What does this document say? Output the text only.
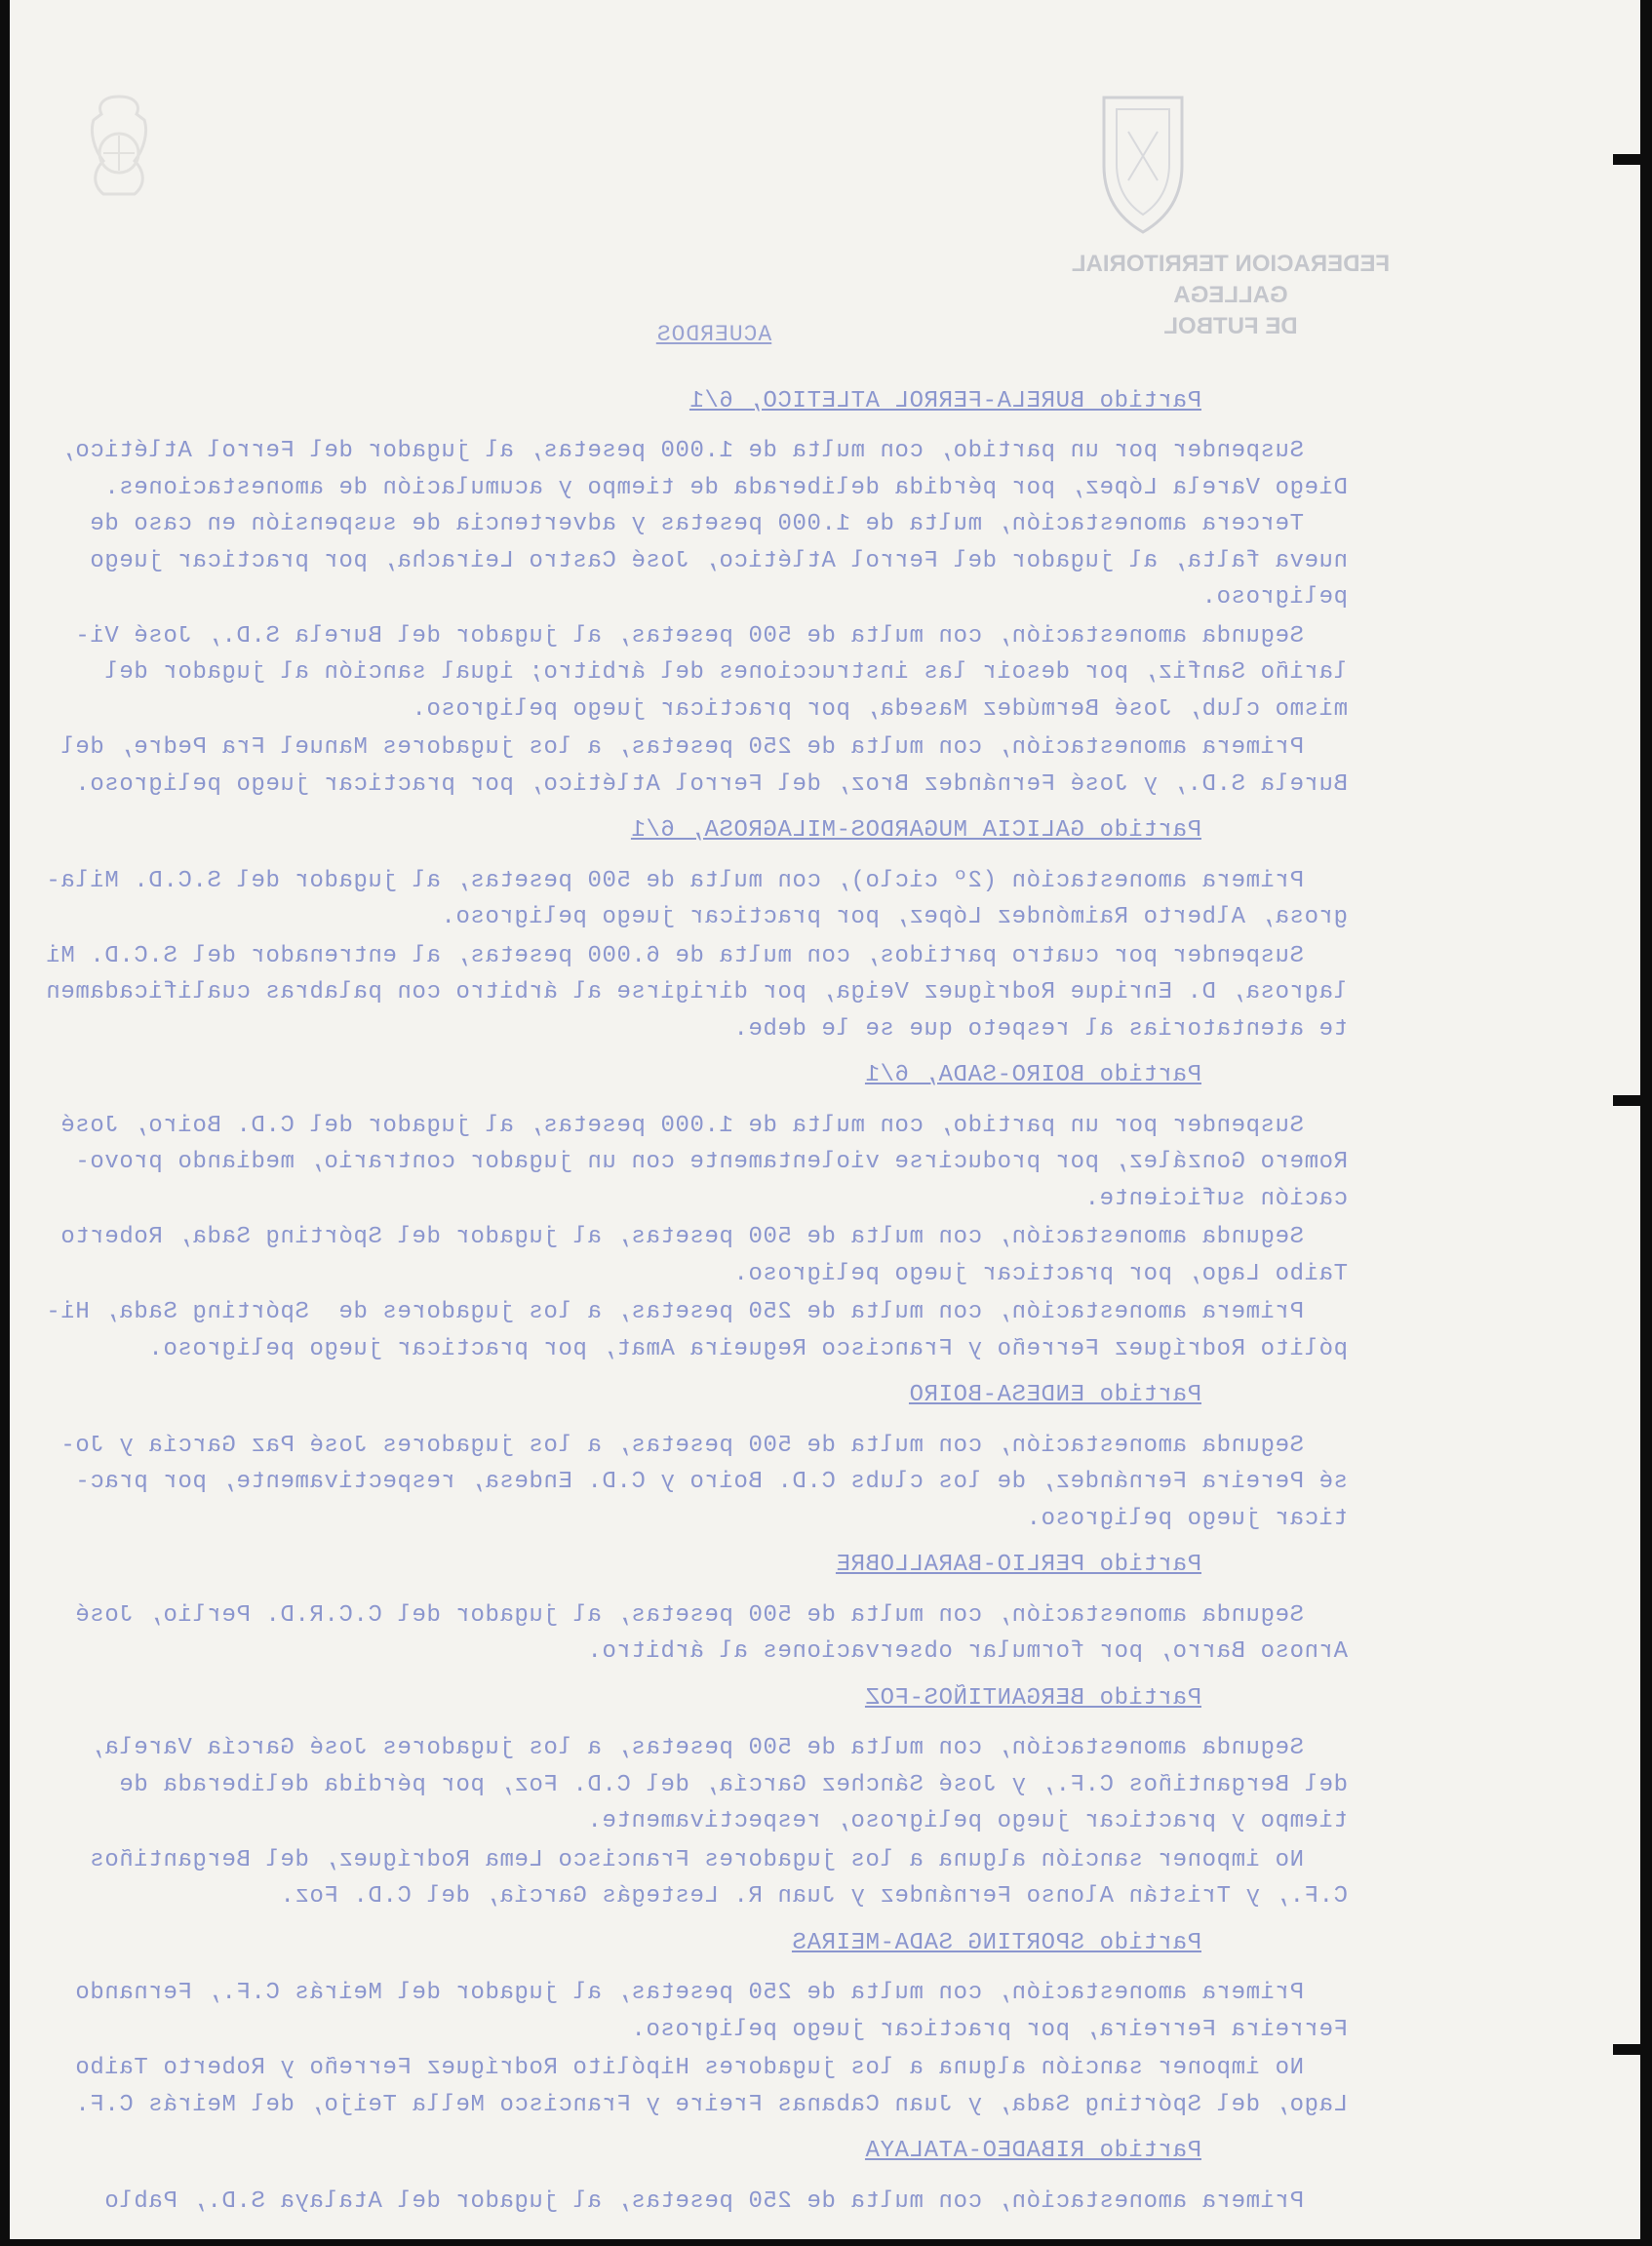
FEDERACION TERRITORIAL GALLEGA
DE FUTBOL
ACUERDOS
Partido BURELA-FERROL ATLETICO, 6/1
Suspender por un partido, con multa de 1.000 pesetas, al jugador del Ferrol Atlético,
Diego Varela López, por pérdida deliberada de tiempo y acumulación de amonestaciones.
Tercera amonestación, multa de 1.000 pesetas y advertencia de suspensión en caso de
nueva falta, al jugador del Ferrol Atlético, José Castro Leiracha, por practicar juego
peligroso.
Segunda amonestación, con multa de 500 pesetas, al jugador del Burela S.D., José Vi-
lariño Sanfiz, por desoir las instrucciones del árbitro; igual sanción al jugador del
mismo club, José Bermúdez Maseda, por practicar juego peligroso.
Primera amonestación, con multa de 250 pesetas, a los jugadores Manuel Fra Pedre, del
Burela S.D., y José Fernández Broz, del Ferrol Atlético, por practicar juego peligroso.
Partido GALICIA MUGARDOS-MILAGROSA, 6/1
Primera amonestación (2º ciclo), con multa de 500 pesetas, al jugador del S.C.D. Mila-
grosa, Alberto Raimóndez López, por practicar juego peligroso.
Suspender por cuatro partidos, con multa de 6.000 pesetas, al entrenador del S.C.D. Mi
lagrosa, D. Enrique Rodríguez Veiga, por dirigirse al árbitro con palabras cualificadamen
te atentatorias al respeto que se le debe.
Partido BOIRO-SADA, 6/1
Suspender por un partido, con multa de 1.000 pesetas, al jugador del C.D. Boiro, José
Romero González, por producirse violentamente con un jugador contrario, mediando provo-
cación suficiente.
Segunda amonestación, con multa de 500 pesetas, al jugador del Spórting Sada, Roberto
Taibo Lago, por practicar juego peligroso.
Primera amonestación, con multa de 250 pesetas, a los jugadores de  Spórting Sada, Hi-
pólito Rodríguez Ferreño y Francisco Regueira Amat, por practicar juego peligroso.
Partido ENDESA-BOIRO
Segunda amonestación, con multa de 500 pesetas, a los jugadores José Paz García y Jo-
sé Pereira Fernández, de los clubs C.D. Boiro y C.D. Endesa, respectivamente, por prac-
ticar juego peligroso.
Partido PERLIO-BARALLOBRE
Segunda amonestación, con multa de 500 pesetas, al jugador del C.C.R.D. Perlio, José
Arnoso Barro, por formular observaciones al árbitro.
Partido BERGANTIÑOS-FOZ
Segunda amonestación, con multa de 500 pesetas, a los jugadores José García Varela,
del Bergantiños C.F., y José Sánchez García, del C.D. Foz, por pérdida deliberada de
tiempo y practicar juego peligroso, respectivamente.
No imponer sanción alguna a los jugadores Francisco Lema Rodríguez, del Bergantiños
C.F., y Tristán Alonso Fernández y Juan R. Lestegás García, del C.D. Foz.
Partido SPORTING SADA-MEIRAS
Primera amonestación, con multa de 250 pesetas, al jugador del Meirás C.F., Fernando
Ferreira Ferreira, por practicar juego peligroso.
No imponer sanción alguna a los jugadores Hipólito Rodríguez Ferreño y Roberto Taibo
Lago, del Spórting Sada, y Juan Cabanas Freire y Francisco Mella Teijo, del Meirás C.F.
Partido RIBADEO-ATALAYA
Primera amonestación, con multa de 250 pesetas, al jugador del Atalaya S.D., Pablo
